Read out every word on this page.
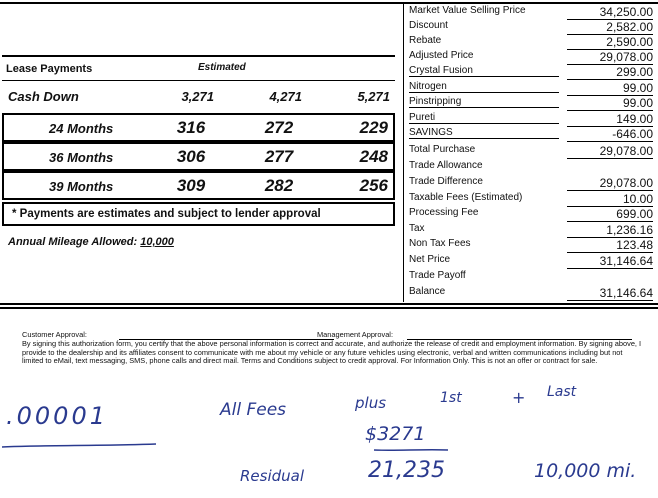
Market Value Selling Price	34,250.00
Discount	2,582.00
Rebate	2,590.00
Adjusted Price	29,078.00
Crystal Fusion	299.00
Nitrogen	99.00
Pinstripping	99.00
Pureti	149.00
SAVINGS	-646.00
Total Purchase	29,078.00
Trade Allowance
Trade Difference	29,078.00
Taxable Fees (Estimated)	10.00
Processing Fee	699.00
Tax	1,236.16
Non Tax Fees	123.48
Net Price	31,146.64
Trade Payoff
Balance	31,146.64
Lease Payments	Estimated
Cash Down	3,271	4,271	5,271
24 Months	316	272	229
36 Months	306	277	248
39 Months	309	282	256
* Payments are estimates and subject to lender approval
Annual Mileage Allowed: 10,000
Customer Approval:	Management Approval:

By signing this authorization form, you certify that the above personal information is correct and accurate, and authorize the release of credit and employment information. By signing above, I provide to the dealership and its affiliates consent to communicate with me about my vehicle or any future vehicles using electronic, verbal and written communications including but not limited to eMail, text messaging, SMS, phone calls and direct mail. Terms and Conditions subject to credit approval. For Information Only. This is not an offer or contract for sale.

.00001	All Fees	plus	1st	+ Last
$3271
Residual	21,235	10,000 mi.
